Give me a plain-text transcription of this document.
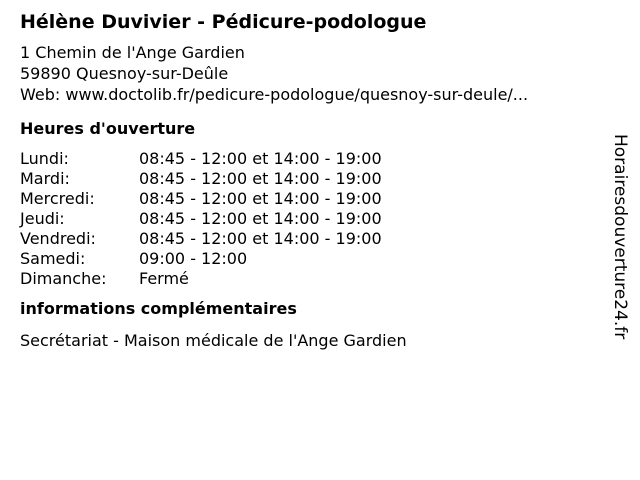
Hélène Duvivier - Pédicure-podologue
1 Chemin de l'Ange Gardien
59890 Quesnoy-sur-Deûle
Web: www.doctolib.fr/pedicure-podologue/quesnoy-sur-deule/...
Heures d'ouverture
Lundi:	08:45 - 12:00 et 14:00 - 19:00
Mardi:	08:45 - 12:00 et 14:00 - 19:00
Mercredi:	08:45 - 12:00 et 14:00 - 19:00
Jeudi:	08:45 - 12:00 et 14:00 - 19:00
Vendredi:	08:45 - 12:00 et 14:00 - 19:00
Samedi:	09:00 - 12:00
Dimanche:	Fermé
informations complémentaires
Secrétariat - Maison médicale de l'Ange Gardien
Horairesdouverture24.fr
